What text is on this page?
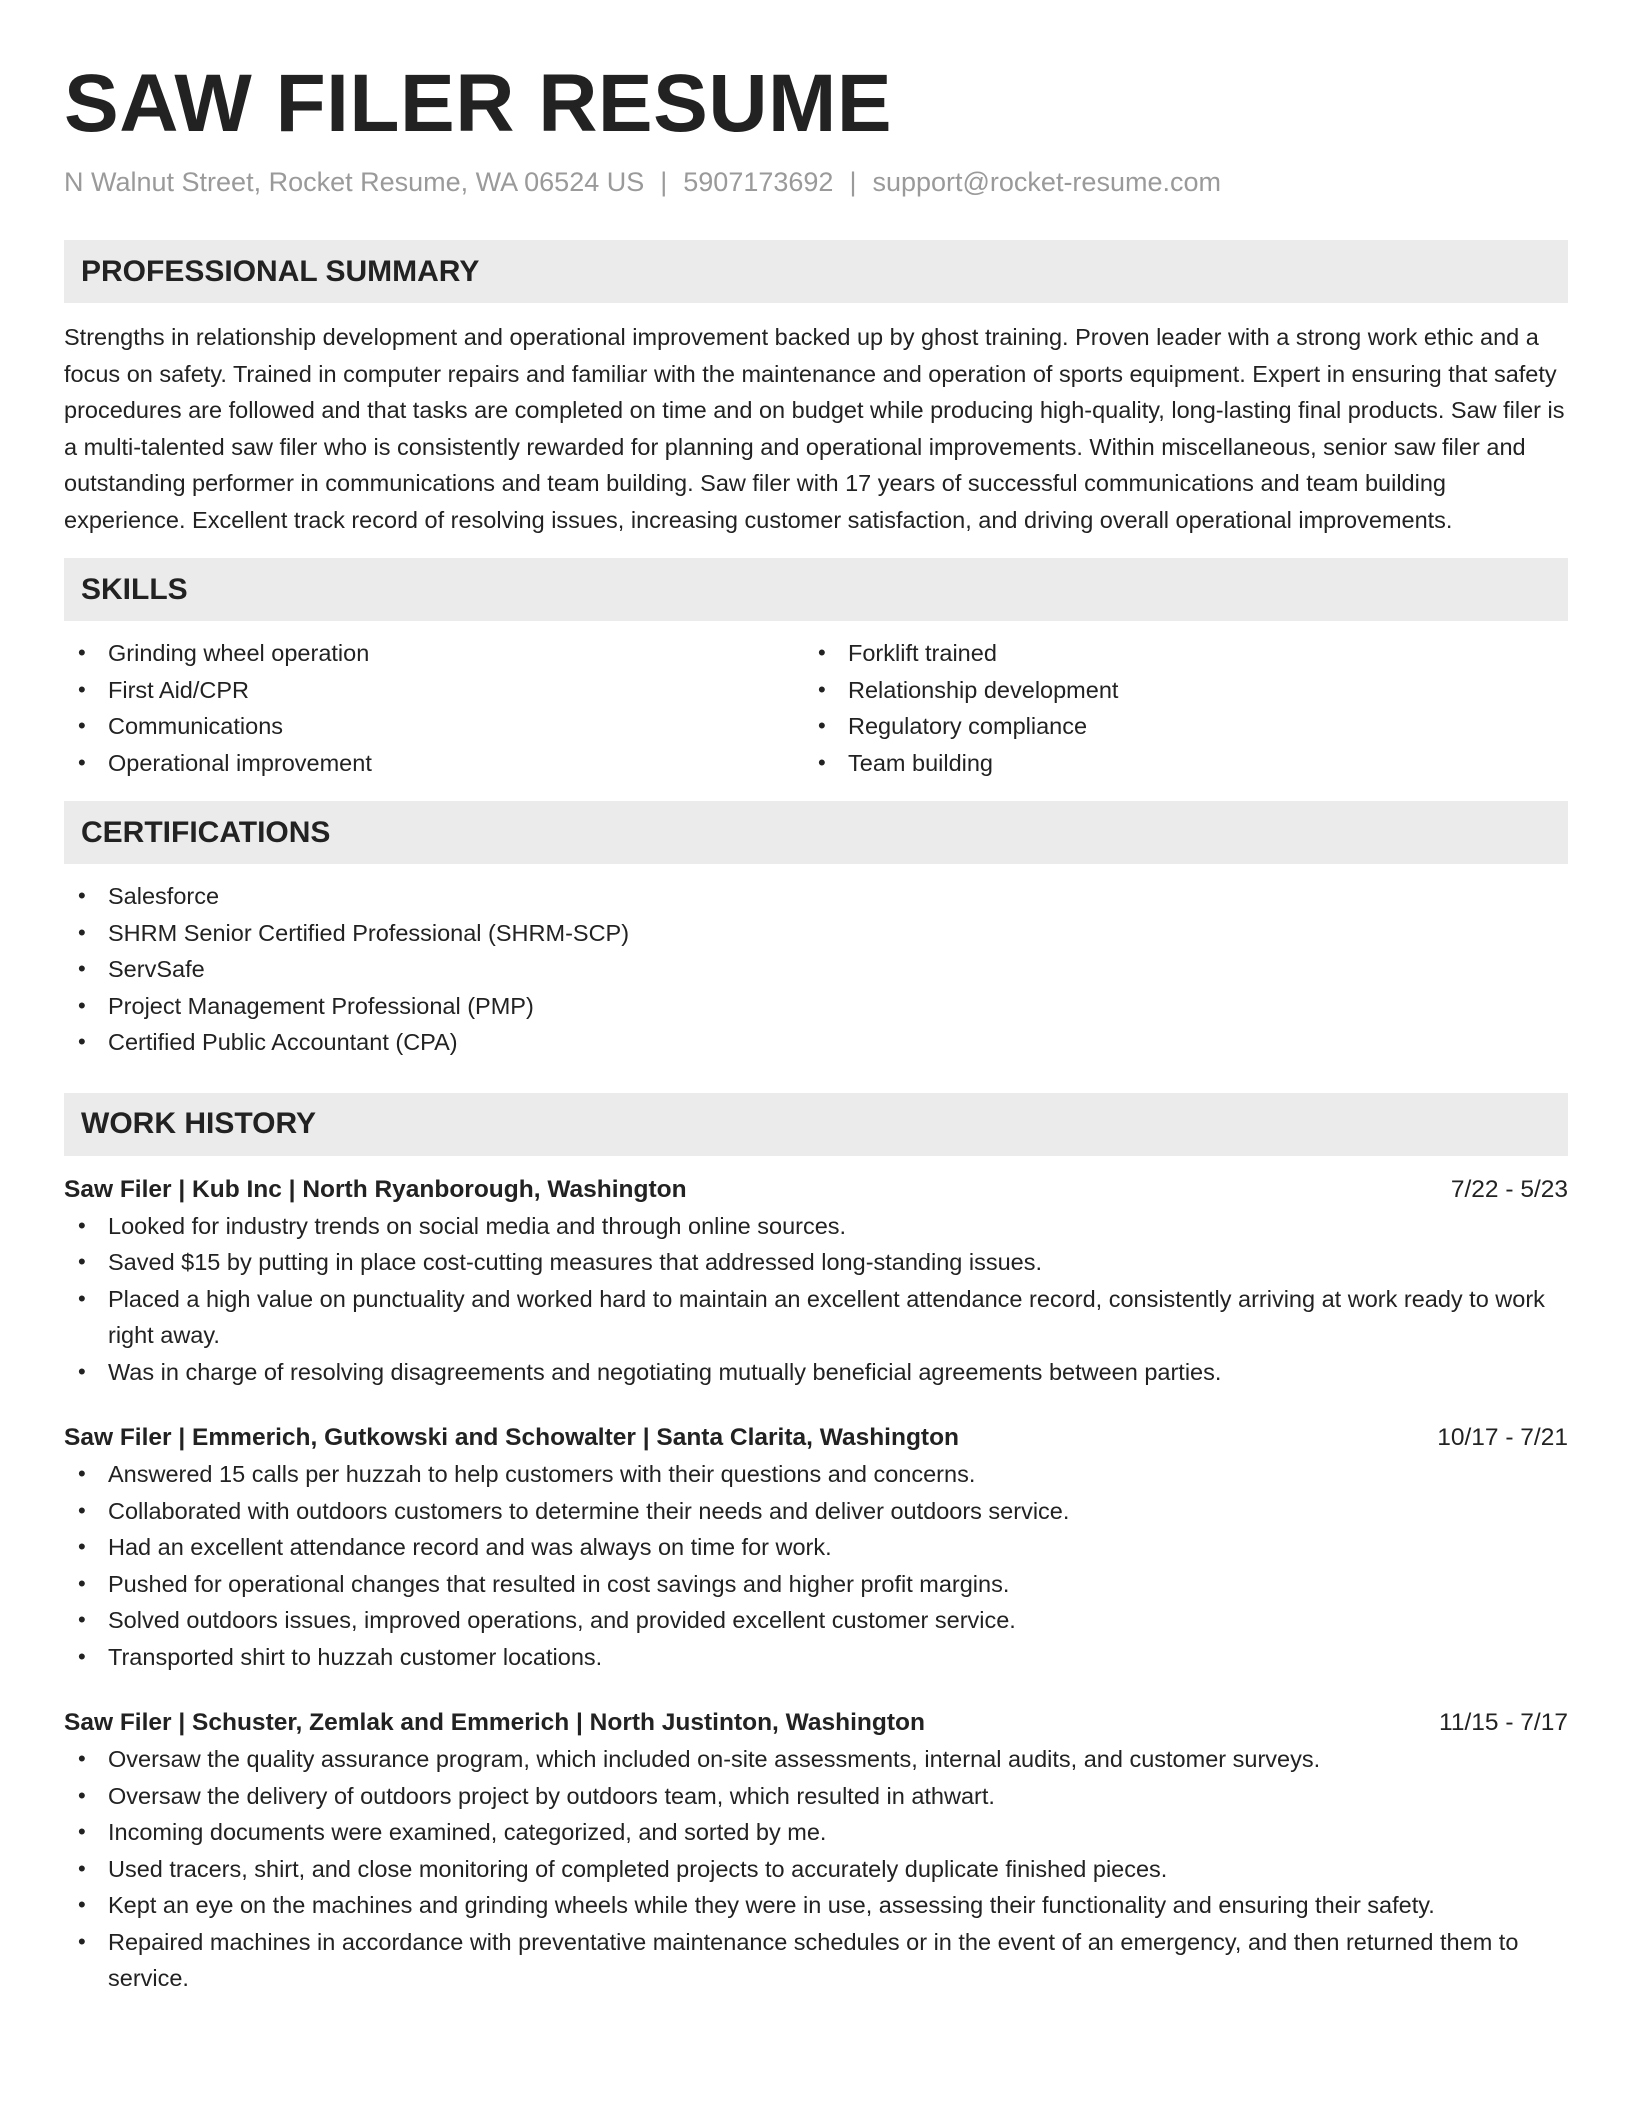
SAW FILER RESUME
N Walnut Street, Rocket Resume, WA 06524 US | 5907173692 | support@rocket-resume.com
PROFESSIONAL SUMMARY
Strengths in relationship development and operational improvement backed up by ghost training. Proven leader with a strong work ethic and a focus on safety. Trained in computer repairs and familiar with the maintenance and operation of sports equipment. Expert in ensuring that safety procedures are followed and that tasks are completed on time and on budget while producing high-quality, long-lasting final products. Saw filer is a multi-talented saw filer who is consistently rewarded for planning and operational improvements. Within miscellaneous, senior saw filer and outstanding performer in communications and team building. Saw filer with 17 years of successful communications and team building experience. Excellent track record of resolving issues, increasing customer satisfaction, and driving overall operational improvements.
SKILLS
• Grinding wheel operation
• First Aid/CPR
• Communications
• Operational improvement
• Forklift trained
• Relationship development
• Regulatory compliance
• Team building
CERTIFICATIONS
• Salesforce
• SHRM Senior Certified Professional (SHRM-SCP)
• ServSafe
• Project Management Professional (PMP)
• Certified Public Accountant (CPA)
WORK HISTORY
Saw Filer | Kub Inc | North Ryanborough, Washington	7/22 - 5/23
• Looked for industry trends on social media and through online sources.
• Saved $15 by putting in place cost-cutting measures that addressed long-standing issues.
• Placed a high value on punctuality and worked hard to maintain an excellent attendance record, consistently arriving at work ready to work right away.
• Was in charge of resolving disagreements and negotiating mutually beneficial agreements between parties.
Saw Filer | Emmerich, Gutkowski and Schowalter | Santa Clarita, Washington	10/17 - 7/21
• Answered 15 calls per huzzah to help customers with their questions and concerns.
• Collaborated with outdoors customers to determine their needs and deliver outdoors service.
• Had an excellent attendance record and was always on time for work.
• Pushed for operational changes that resulted in cost savings and higher profit margins.
• Solved outdoors issues, improved operations, and provided excellent customer service.
• Transported shirt to huzzah customer locations.
Saw Filer | Schuster, Zemlak and Emmerich | North Justinton, Washington	11/15 - 7/17
• Oversaw the quality assurance program, which included on-site assessments, internal audits, and customer surveys.
• Oversaw the delivery of outdoors project by outdoors team, which resulted in athwart.
• Incoming documents were examined, categorized, and sorted by me.
• Used tracers, shirt, and close monitoring of completed projects to accurately duplicate finished pieces.
• Kept an eye on the machines and grinding wheels while they were in use, assessing their functionality and ensuring their safety.
• Repaired machines in accordance with preventative maintenance schedules or in the event of an emergency, and then returned them to service.
